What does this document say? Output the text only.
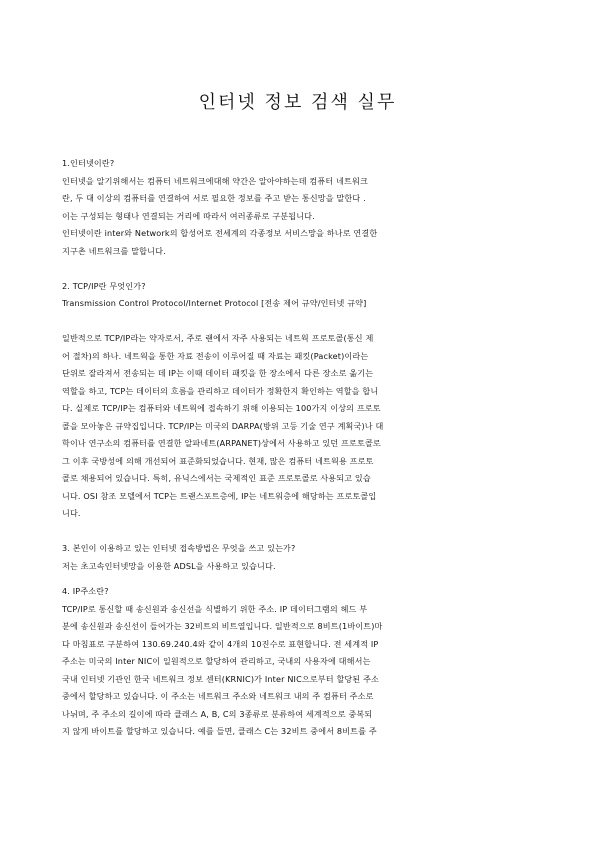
인터넷 정보 검색 실무
1.인터넷이란?
인터넷을 알기위해서는 컴퓨터 네트워크에대해 약간은 알아야하는데 컴퓨터 네트워크
란, 두 대 이상의 컴퓨터를 연결하여 서로 필요한 정보를 주고 받는 통신망을 말한다 .
이는 구성되는 형태나 연결되는 거리에 따라서 여러종류로 구분됩니다.
인터넷이란 inter와 Network의 합성어로 전세계의 각종정보 서비스망을 하나로 연결한
지구촌 네트워크를 말합니다.
2. TCP/IP란 무엇인가?
Transmission Control Protocol/Internet Protocol [전송 제어 규약/인터넷 규약]
일반적으로 TCP/IP라는 약자로서, 주로 랜에서 자주 사용되는 네트웍 프로토콜(통신 제
어 절차)의 하나. 네트웍을 통한 자료 전송이 이루어질 때 자료는 패킷(Packet)이라는
단위로 잘라져서 전송되는 데 IP는 이때 데이터 패킷을 한 장소에서 다른 장소로 옮기는
역할을 하고, TCP는 데이터의 흐름을 관리하고 데이터가 정확한지 확인하는 역할을 합니
다. 실제로 TCP/IP는 컴퓨터와 네트웍에 접속하기 위해 이용되는 100가지 이상의 프로토
콜을 모아놓은 규약집입니다. TCP/IP는 미국의 DARPA(방위 고등 기술 연구 계획국)나 대
학이나 연구소의 컴퓨터를 연결한 알파네트(ARPANET)상에서 사용하고 있던 프로토콜로
그 이후 국방성에 의해 개선되어 표준화되었습니다. 현재, 많은 컴퓨터 네트웍용 프로토
콜로 채용되어 있습니다. 특히, 유닉스에서는 국제적인 표준 프로토콜로 사용되고 있습
니다. OSI 참조 모델에서 TCP는 트랜스포트층에, IP는 네트워층에 해당하는 프로토콜입
니다.
3. 본인이 이용하고 있는 인터넷 접속방법은 무엇을 쓰고 있는가?
저는 초고속인터넷망을 이용한 ADSL을 사용하고 있습니다.
4. IP주소란?
TCP/IP로 통신할 때 송신원과 송신선을 식별하기 위한 주소. IP 데이터그램의 헤드 부
분에 송신원과 송신선이 들어가는 32비트의 비트열입니다. 일반적으로 8비트(1바이트)마
다 마침표로 구분하여 130.69.240.4와 같이 4개의 10진수로 표현합니다. 전 세계적 IP
주소는 미국의 Inter NIC이 일원적으로 할당하여 관리하고, 국내의 사용자에 대해서는
국내 인터넷 기관인 한국 네트워크 정보 센터(KRNIC)가 Inter NIC으로부터 할당된 주소
중에서 할당하고 있습니다. 이 주소는 네트워크 주소와 네트워크 내의 주 컴퓨터 주소로
나뉘며, 주 주소의 길이에 따라 클래스 A, B, C의 3종류로 분류하여 세계적으로 중복되
지 않게 바이트를 할당하고 있습니다. 예를 들면, 클래스 C는 32비트 중에서 8비트를 주
